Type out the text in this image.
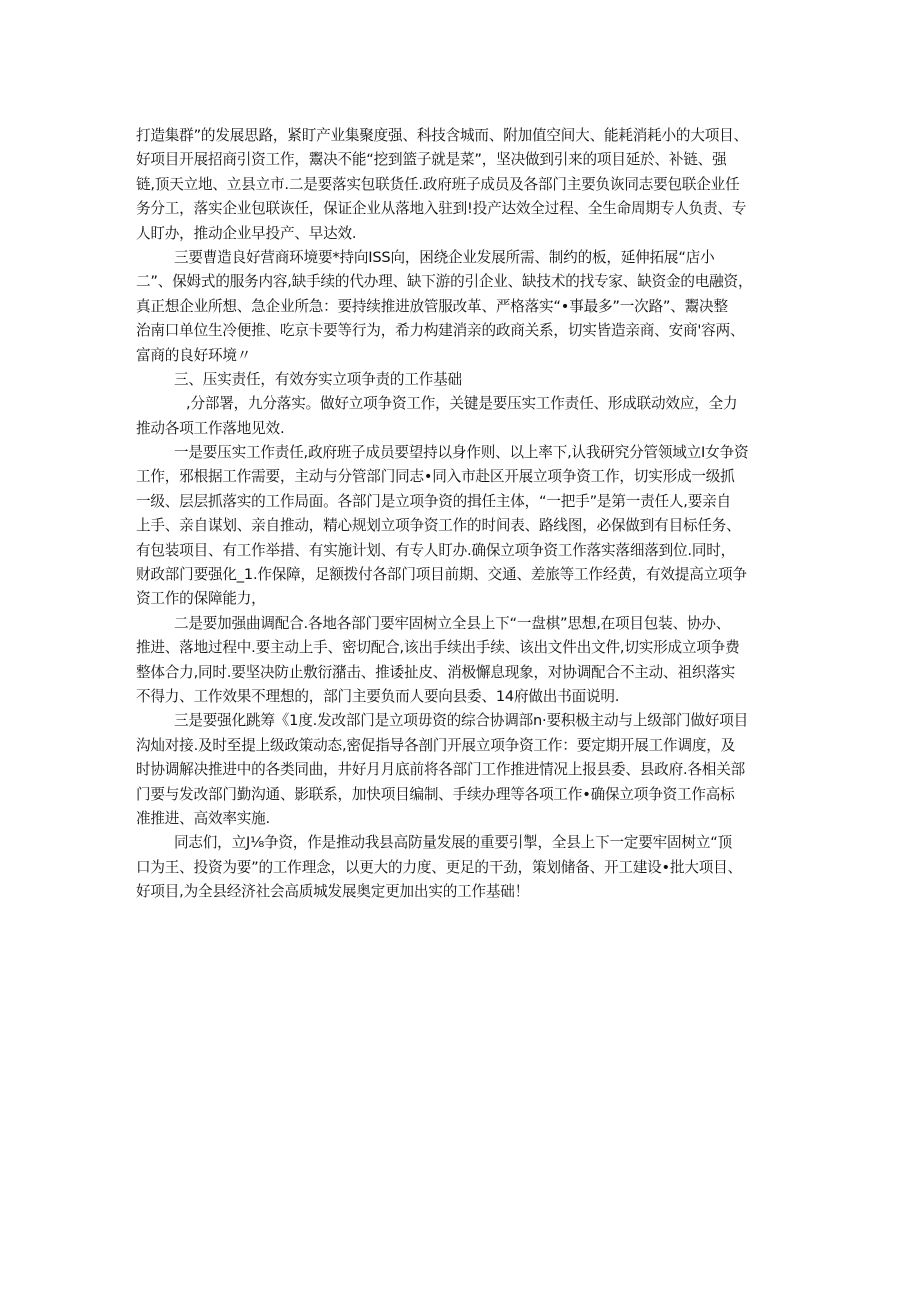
打造集群”的发展思路，紧盯产业集聚度强、科技含城而、附加值空间大、能耗消耗小的大项目、
好项目开展招商引资工作，鬻决不能“挖到篮子就是菜”，坚决做到引来的项目延於、补链、强
链,顶天立地、立县立市.二是要落实包联货任.政府班子成员及各部门主要负诙同志要包联企业任
务分工，落实企业包联诙任，保证企业从落地入驻到!投产达效全过程、全生命周期专人负责、专
人盯办，推动企业早投产、早达效.
三要曹造良好营商环境要*持向ISS向，困绕企业发展所需、制约的板，延伸拓展“店小
二”、保姆式的服务内容,缺手续的代办理、缺下游的引企业、缺技术的找专家、缺资金的电融资，
真正想企业所想、急企业所急：要持续推进放管服改革、严格落实“•事最多”一次路”、鬻决整
治南口单位生冷便推、吃京卡要等行为，希力构建消亲的政商关系，切实皆造亲商、安商'容两、
富商的良好环境〃
三、压实责任，有效夯实立项争责的工作基础
,分部署，九分落实。做好立项争资工作，关键是要压实工作责任、形成联动效应，全力
推动各项工作落地见效.
一是要压实工作责任,政府班子成员要望持以身作则、以上率下,认我研究分管领域立I女争资
工作，邪根据工作需要，主动与分管部门同志•同入市赴区开展立项争资工作，切实形成一级抓
一级、层层抓落实的工作局面。各部门是立项争资的揖任主体，“一把手”是第一责任人,要亲自
上手、亲自谋划、亲自推动，精心规划立项争资工作的时间表、路线图，必保做到有目标任务、
有包装项目、有工作举措、有实施计划、有专人盯办.确保立项争资工作落实落细落到位.同时，
财政部门要强化_1.作保障，足额拨付各部门项目前期、交通、差旅等工作经黄，有效提高立项争
资工作的保障能力，
二是要加强曲调配合.各地各部门要牢固树立全县上下“一盘棋”思想,在项目包装、协办、
推进、落地过程中.要主动上手、密切配合,该出手续出手续、该出文件出文件,切实形成立项争费
整体合力,同时.要坚决防止敷衍潴击、推诿扯皮、消极懈息现象，对协调配合不主动、祖织落实
不得力、工作效果不理想的，部门主要负而人要向县委、14府做出书面说明.
三是要强化跳筹《1度.发改部门是立项毋资的综合协调部n·要积极主动与上级部门做好项目
沟灿对接.及时至提上级政策动态,密促指导各剖门开展立项争资工作：要定期开展工作调度，及
时协调解决推进中的各类同曲，井好月月底前将各部门工作推进情况上报县委、县政府.各相关部
门要与发改部门勤沟通、影联系，加快项目编制、手续办理等各项工作•确保立项争资工作高标
准推进、高效率实施.
同志们，立J⅛争资，作是推动我县高防量发展的重要引掣，全县上下一定要牢固树立“顶
口为王、投资为要”的工作理念，以更大的力度、更足的干劲，策划储备、开工建设•批大项目、
好项目,为全县经济社会高质城发展奥定更加出实的工作基础！
